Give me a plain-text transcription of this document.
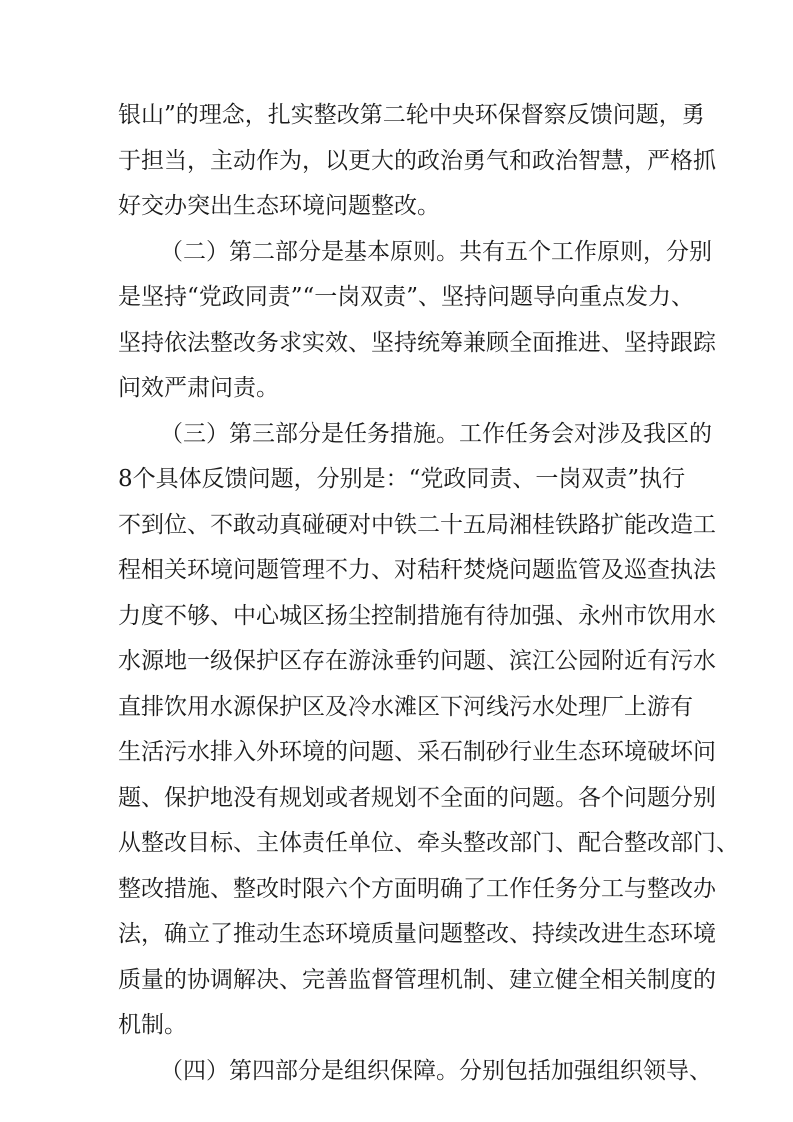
银山”的理念，扎实整改第二轮中央环保督察反馈问题，勇
于担当，主动作为，以更大的政治勇气和政治智慧，严格抓
好交办突出生态环境问题整改。
（二）第二部分是基本原则。共有五个工作原则，分别
是坚持“党政同责”“一岗双责”、坚持问题导向重点发力、
坚持依法整改务求实效、坚持统筹兼顾全面推进、坚持跟踪
问效严肃问责。
（三）第三部分是任务措施。工作任务会对涉及我区的
8个具体反馈问题，分别是：“党政同责、一岗双责”执行
不到位、不敢动真碰硬对中铁二十五局湘桂铁路扩能改造工
程相关环境问题管理不力、对秸秆焚烧问题监管及巡查执法
力度不够、中心城区扬尘控制措施有待加强、永州市饮用水
水源地一级保护区存在游泳垂钓问题、滨江公园附近有污水
直排饮用水源保护区及冷水滩区下河线污水处理厂上游有
生活污水排入外环境的问题、采石制砂行业生态环境破坏问
题、保护地没有规划或者规划不全面的问题。各个问题分别
从整改目标、主体责任单位、牵头整改部门、配合整改部门、
整改措施、整改时限六个方面明确了工作任务分工与整改办
法，确立了推动生态环境质量问题整改、持续改进生态环境
质量的协调解决、完善监督管理机制、建立健全相关制度的
机制。
（四）第四部分是组织保障。分别包括加强组织领导、
